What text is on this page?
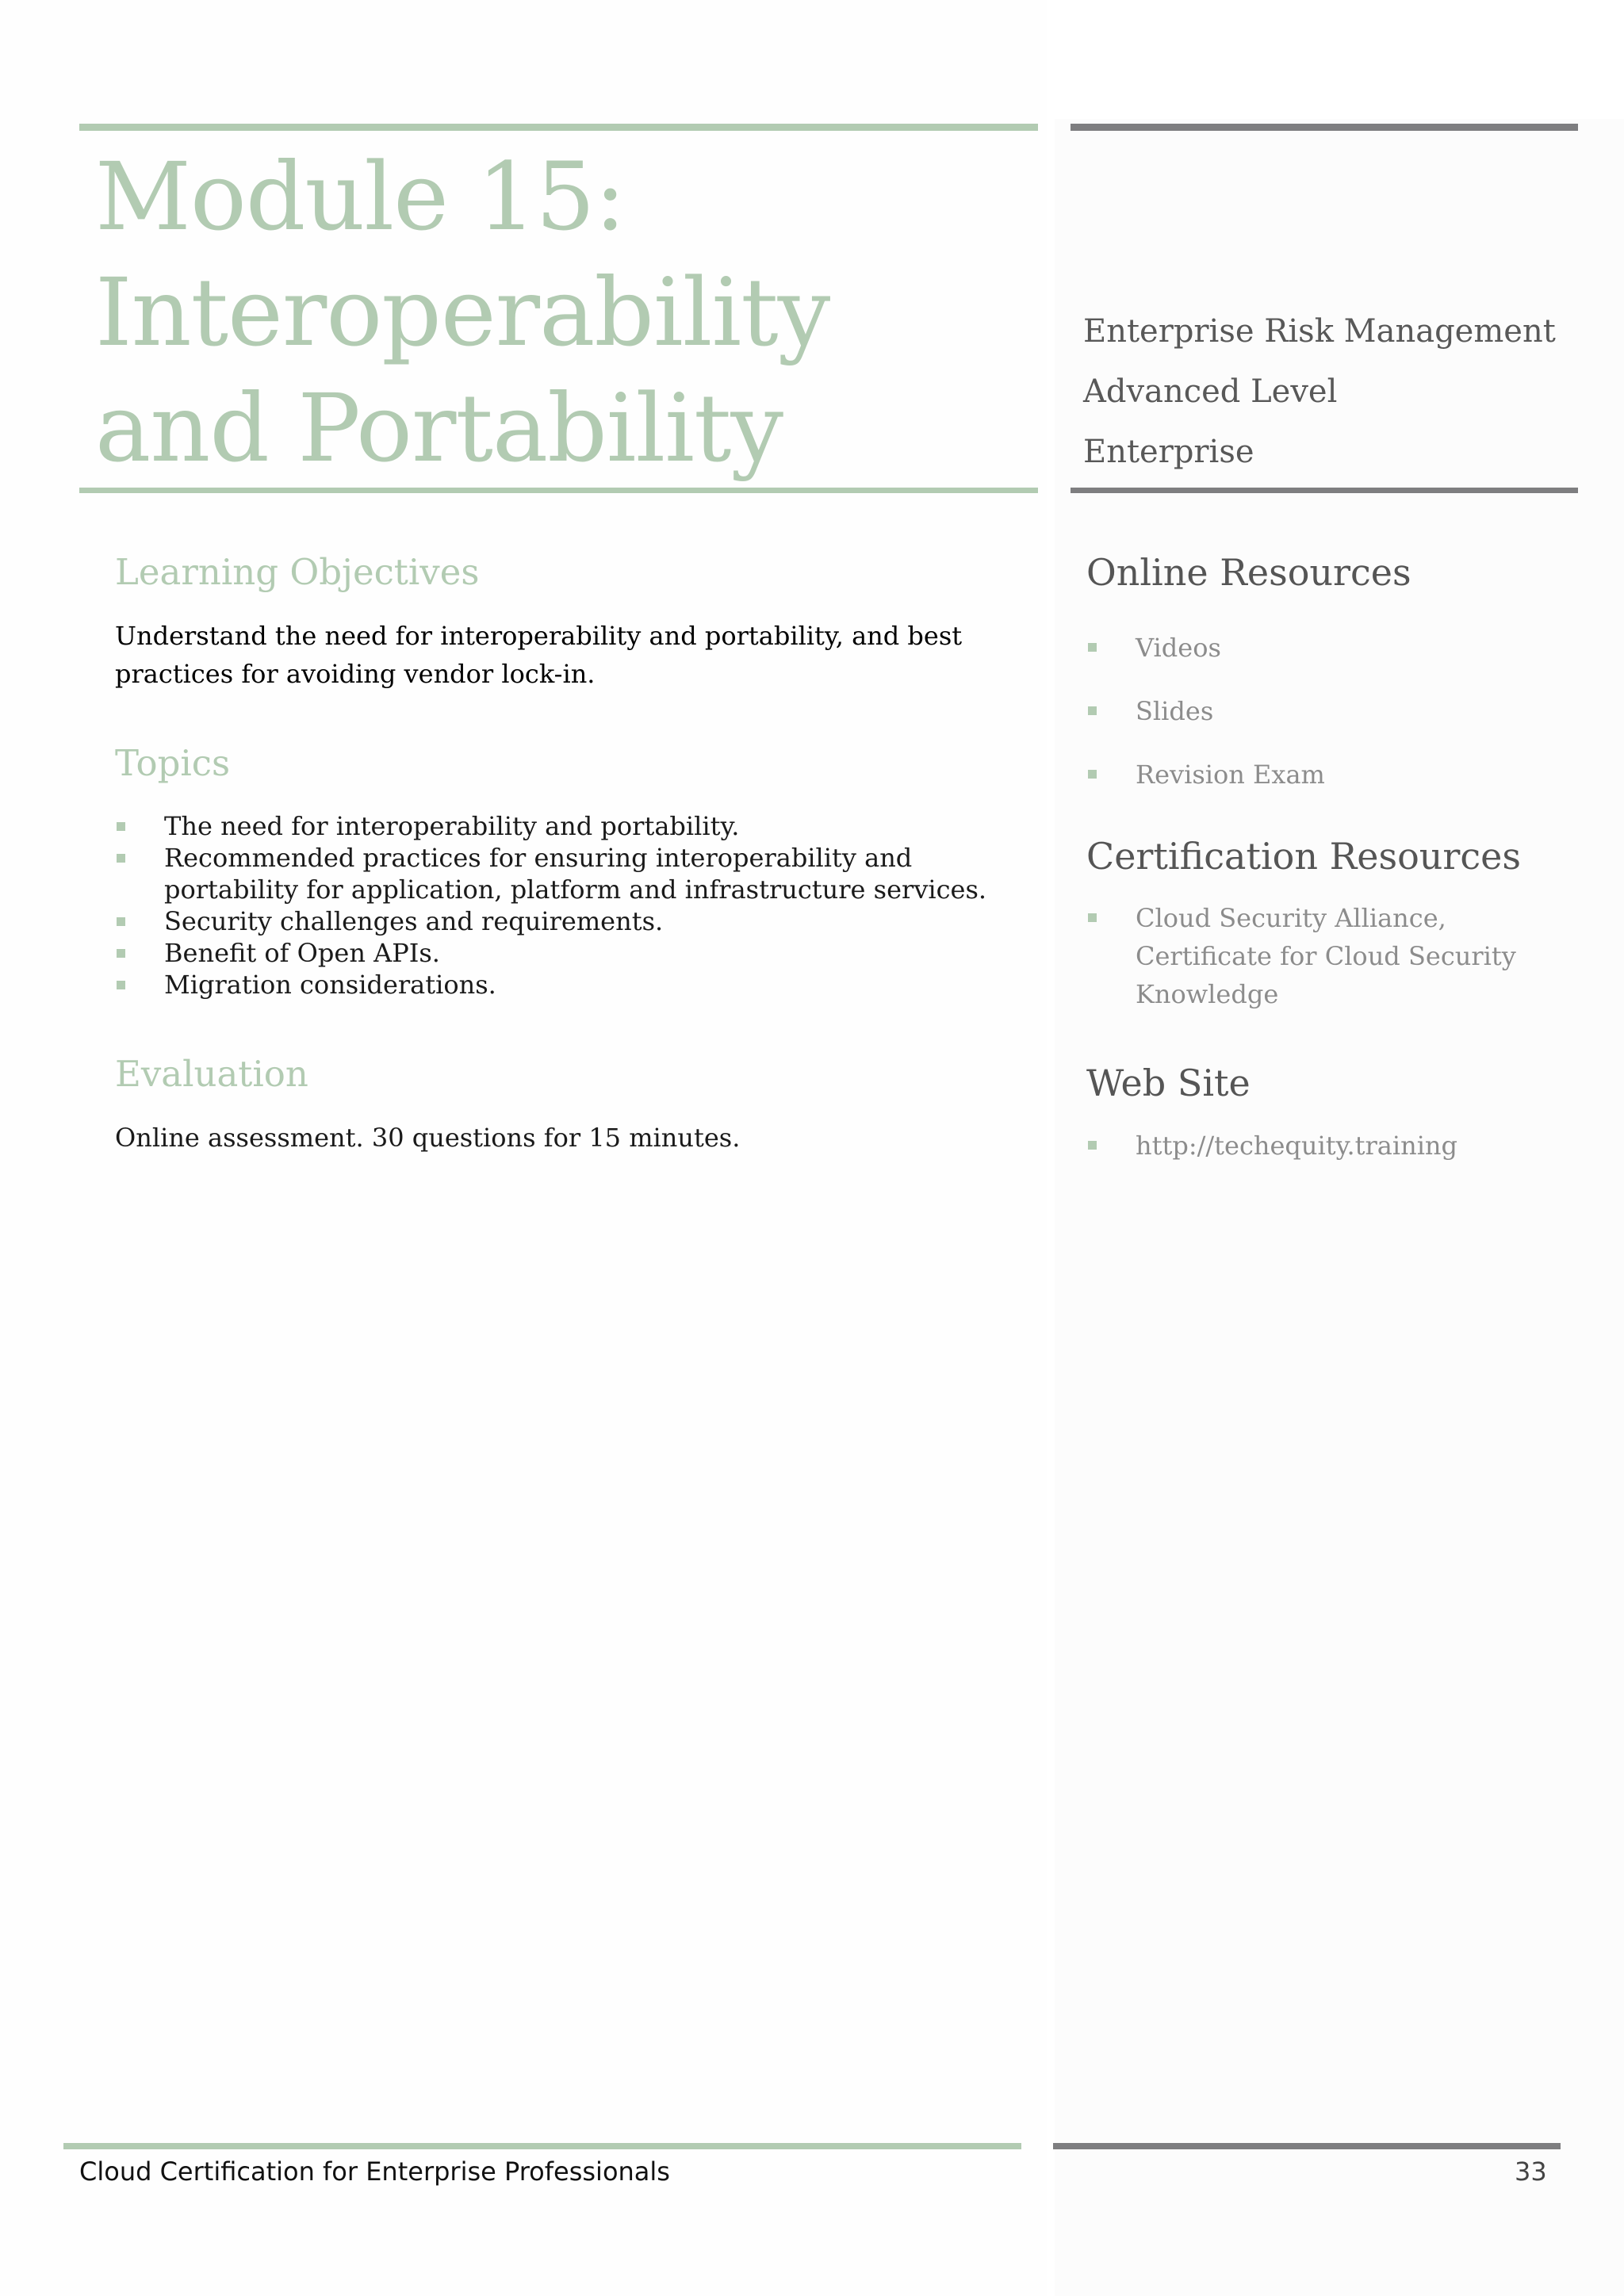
Module 15: Interoperability and Portability
Enterprise Risk Management
Advanced Level
Enterprise
Learning Objectives
Understand the need for interoperability and portability, and best practices for avoiding vendor lock-in.
Topics
The need for interoperability and portability.
Recommended practices for ensuring interoperability and portability for application, platform and infrastructure services.
Security challenges and requirements.
Benefit of Open APIs.
Migration considerations.
Evaluation
Online assessment. 30 questions for 15 minutes.
Online Resources
Videos
Slides
Revision Exam
Certification Resources
Cloud Security Alliance, Certificate for Cloud Security Knowledge
Web Site
http://techequity.training
Cloud Certification for Enterprise Professionals	33
